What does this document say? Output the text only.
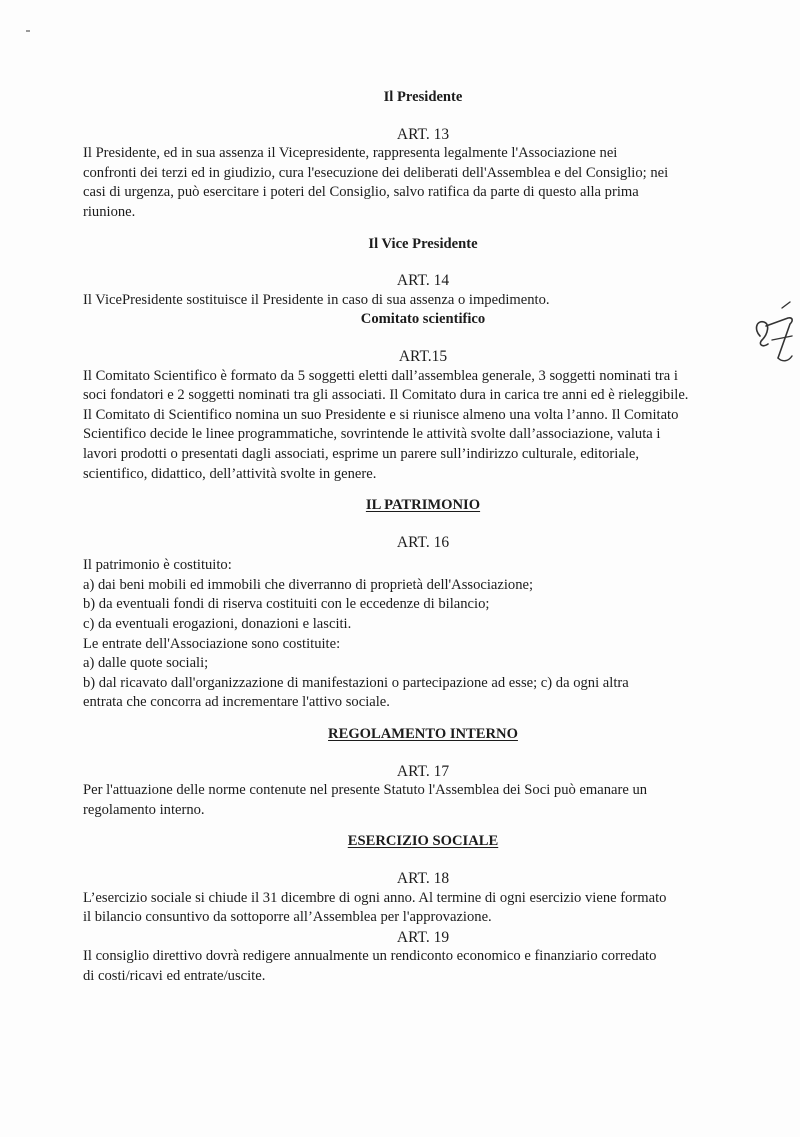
Il Presidente

ART. 13

Il Presidente, ed in sua assenza il Vicepresidente, rappresenta legalmente l'Associazione nei
confronti dei terzi ed in giudizio, cura l'esecuzione dei deliberati dell'Assemblea e del Consiglio; nei
casi di urgenza, può esercitare i poteri del Consiglio, salvo ratifica da parte di questo alla prima
riunione.

Il Vice Presidente

ART. 14

Il VicePresidente sostituisce il Presidente in caso di sua assenza o impedimento.

Comitato scientifico

ART.15

Il Comitato Scientifico è formato da 5 soggetti eletti dall’assemblea generale, 3 soggetti nominati tra i
soci fondatori e 2 soggetti nominati tra gli associati. Il Comitato dura in carica tre anni ed è rieleggibile.
Il Comitato di Scientifico nomina un suo Presidente e si riunisce almeno una volta l’anno. Il Comitato
Scientifico decide le linee programmatiche, sovrintende le attività svolte dall’associazione, valuta i
lavori prodotti o presentati dagli associati, esprime un parere sull’indirizzo culturale, editoriale,
scientifico, didattico, dell’attività svolte in genere.

IL PATRIMONIO

ART. 16

Il patrimonio è costituito:
a) dai beni mobili ed immobili che diverranno di proprietà dell'Associazione;
b) da eventuali fondi di riserva costituiti con le eccedenze di bilancio;
c) da eventuali erogazioni, donazioni e lasciti.
Le entrate dell'Associazione sono costituite:
a) dalle quote sociali;
b) dal ricavato dall'organizzazione di manifestazioni o partecipazione ad esse; c) da ogni altra
entrata che concorra ad incrementare l'attivo sociale.

REGOLAMENTO INTERNO

ART. 17

Per l'attuazione delle norme contenute nel presente Statuto l'Assemblea dei Soci può emanare un
regolamento interno.

ESERCIZIO SOCIALE

ART. 18

L’esercizio sociale si chiude il 31 dicembre di ogni anno. Al termine di ogni esercizio viene formato
il bilancio consuntivo da sottoporre all’Assemblea per l'approvazione.

ART. 19

Il consiglio direttivo dovrà redigere annualmente un rendiconto economico e finanziario corredato
di costi/ricavi ed entrate/uscite.
